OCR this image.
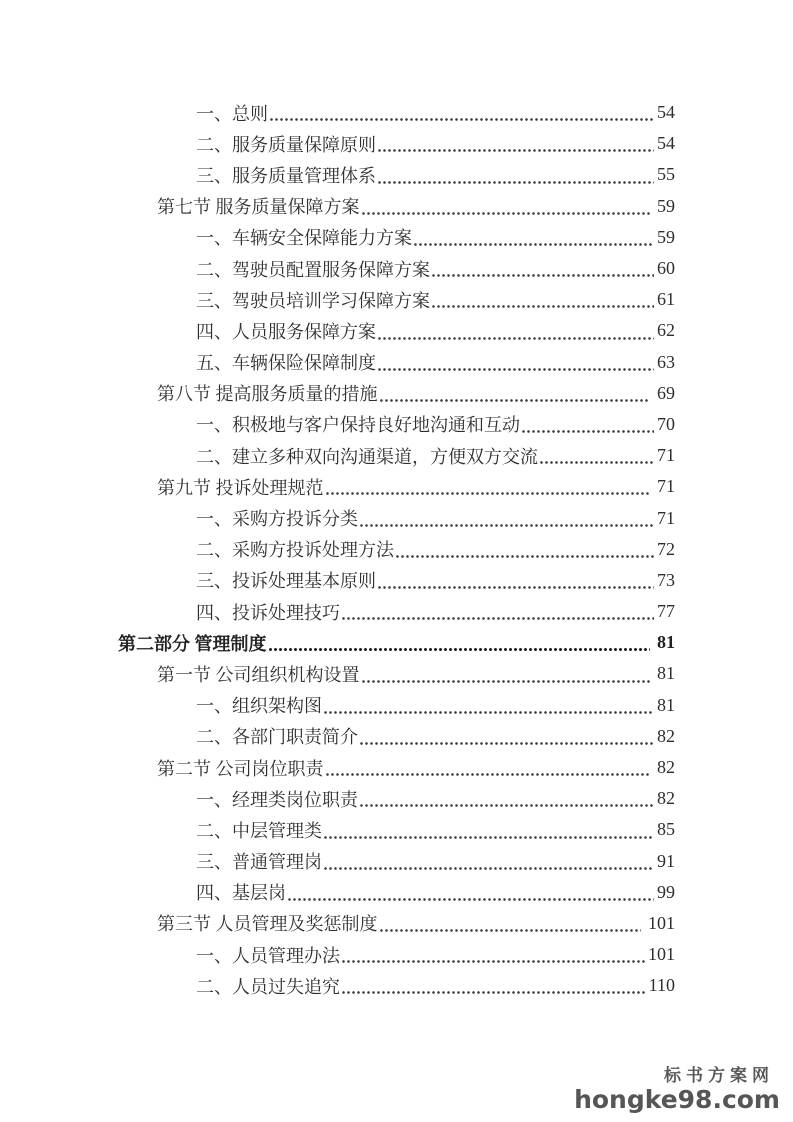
一、总则	54
二、服务质量保障原则	54
三、服务质量管理体系	55
第七节 服务质量保障方案	59
一、车辆安全保障能力方案	59
二、驾驶员配置服务保障方案	60
三、驾驶员培训学习保障方案	61
四、人员服务保障方案	62
五、车辆保险保障制度	63
第八节 提高服务质量的措施	69
一、积极地与客户保持良好地沟通和互动	70
二、建立多种双向沟通渠道，方便双方交流	71
第九节 投诉处理规范	71
一、采购方投诉分类	71
二、采购方投诉处理方法	72
三、投诉处理基本原则	73
四、投诉处理技巧	77
第二部分 管理制度	81
第一节 公司组织机构设置	81
一、组织架构图	81
二、各部门职责简介	82
第二节 公司岗位职责	82
一、经理类岗位职责	82
二、中层管理类	85
三、普通管理岗	91
四、基层岗	99
第三节 人员管理及奖惩制度	101
一、人员管理办法	101
二、人员过失追究	110
标书方案网
hongke98.com
